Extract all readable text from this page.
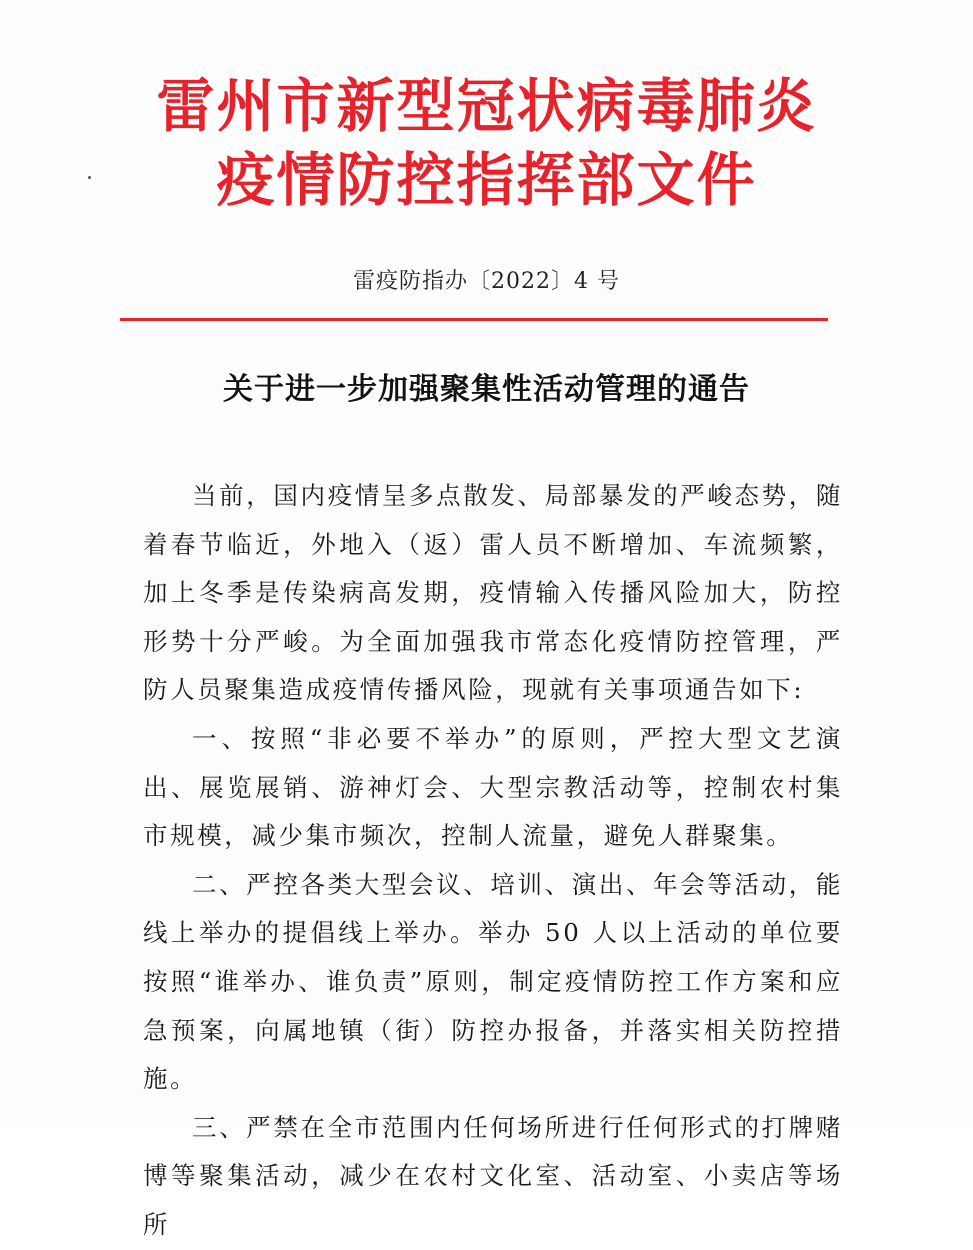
雷州市新型冠状病毒肺炎
疫情防控指挥部文件
雷疫防指办〔2022〕4 号
关于进一步加强聚集性活动管理的通告

当前，国内疫情呈多点散发、局部暴发的严峻态势，随着春节临近，外地入（返）雷人员不断增加、车流频繁，加上冬季是传染病高发期，疫情输入传播风险加大，防控形势十分严峻。为全面加强我市常态化疫情防控管理，严防人员聚集造成疫情传播风险，现就有关事项通告如下:

一、按照“非必要不举办”的原则，严控大型文艺演出、展览展销、游神灯会、大型宗教活动等，控制农村集市规模，减少集市频次，控制人流量，避免人群聚集。

二、严控各类大型会议、培训、演出、年会等活动，能线上举办的提倡线上举办。举办 50 人以上活动的单位要按照“谁举办、谁负责”原则，制定疫情防控工作方案和应急预案，向属地镇（街）防控办报备，并落实相关防控措施。

三、严禁在全市范围内任何场所进行任何形式的打牌赌博等聚集活动，减少在农村文化室、活动室、小卖店等场所
